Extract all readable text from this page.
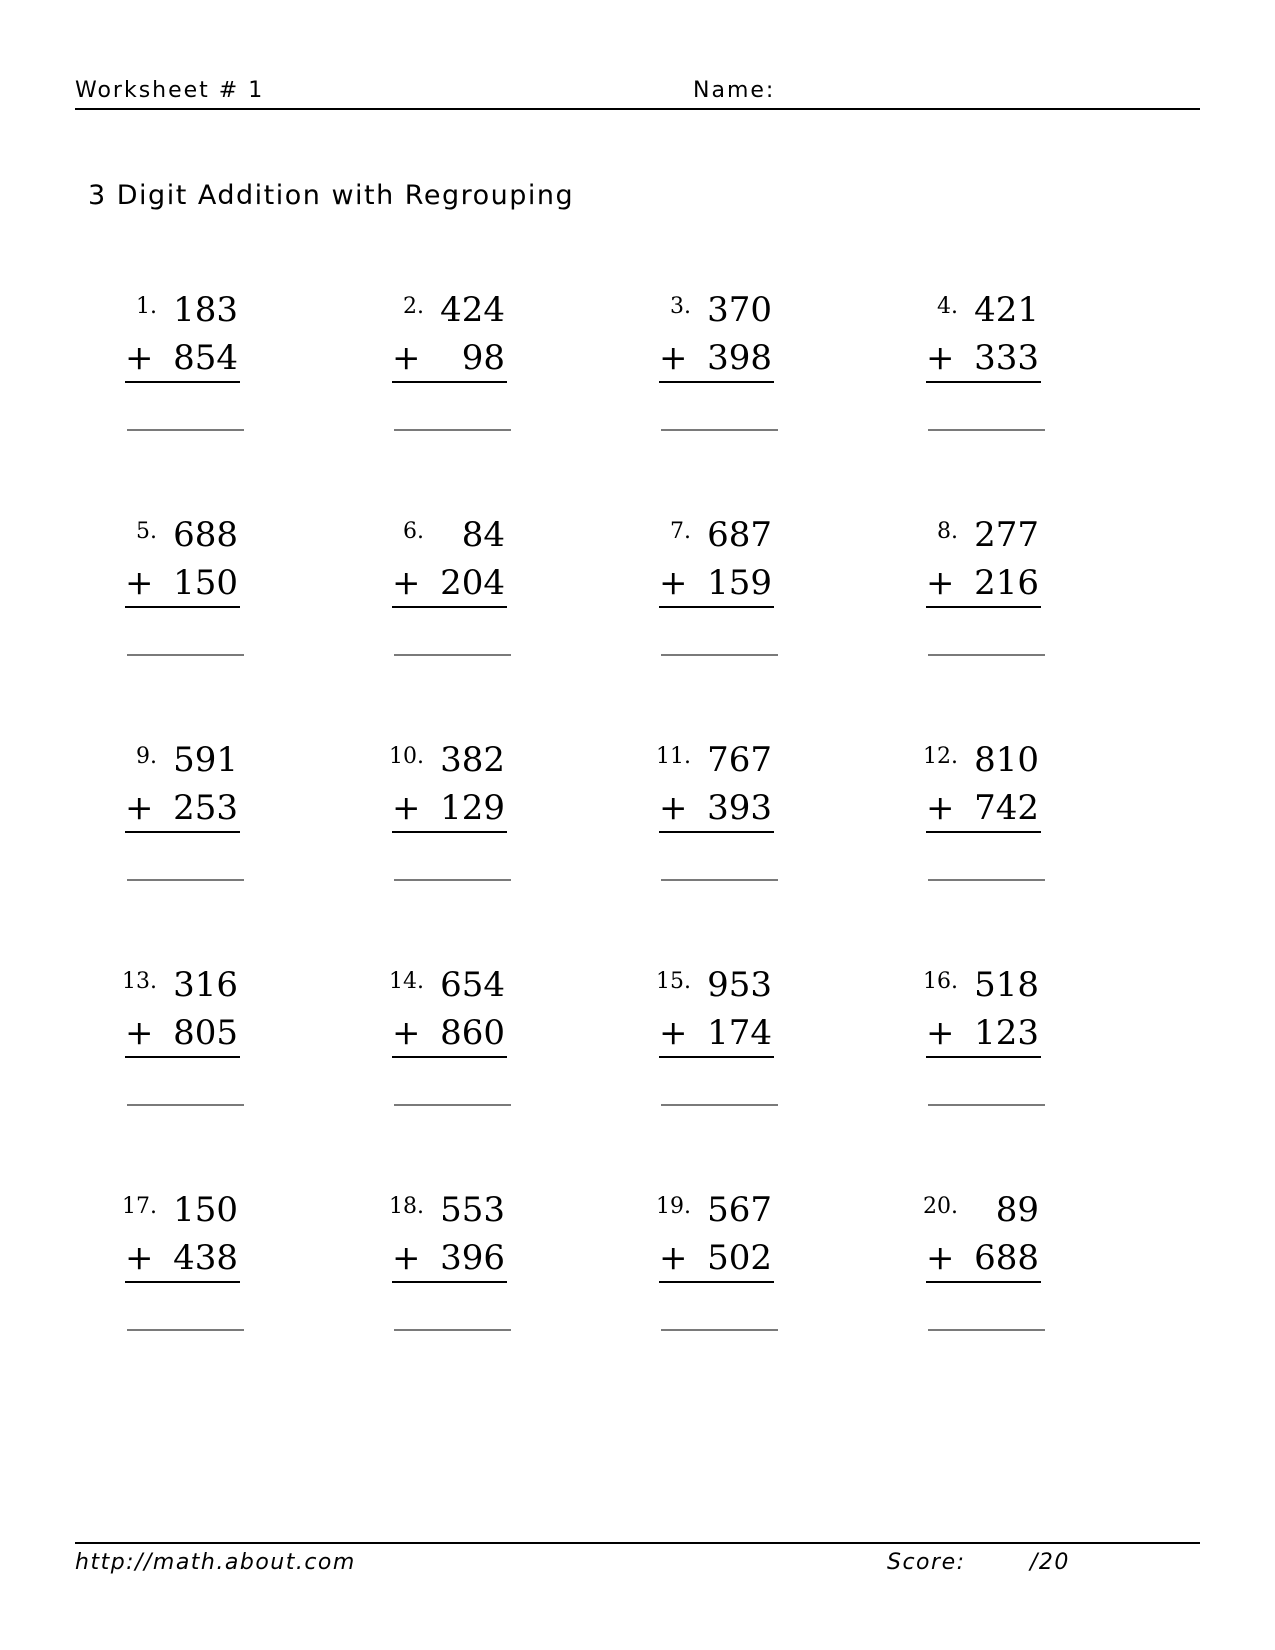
Worksheet # 1	Name:
3 Digit Addition with Regrouping
1. 183
+ 854
2. 424
+	98
3. 370
+ 398
4. 421
+ 333
5. 688
+ 150
6.	84
+ 204
7. 687
+ 159
8. 277
+ 216
9. 591
+ 253
10. 382
+ 129
11. 767
+ 393
12. 810
+ 742
13. 316
+ 805
14. 654
+ 860
15. 953
+ 174
16. 518
+ 123
17. 150
+ 438
18. 553
+ 396
19. 567
+ 502
20.	89
+ 688
http://math.about.com	Score:	/20
